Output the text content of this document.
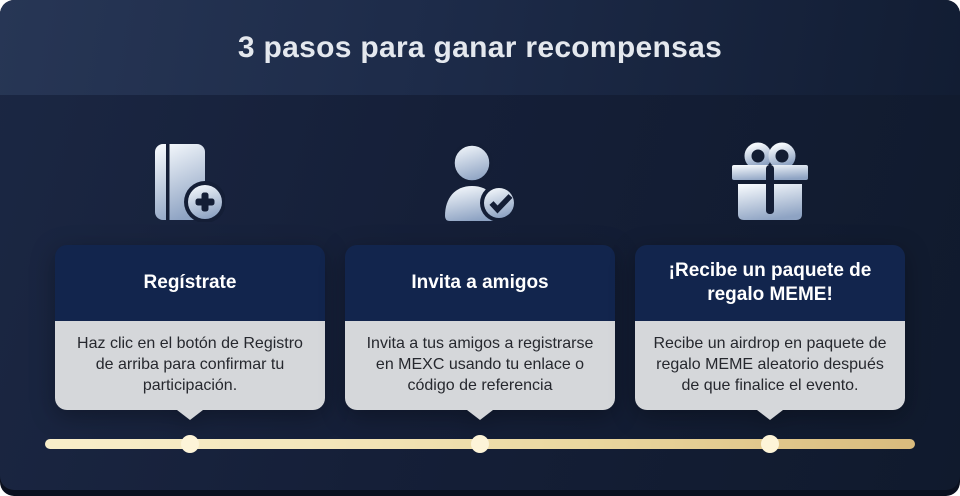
3 pasos para ganar recompensas
Regístrate
Haz clic en el botón de Registro de arriba para confirmar tu participación.
Invita a amigos
Invita a tus amigos a registrarse en MEXC usando tu enlace o código de referencia
¡Recibe un paquete de regalo MEME!
Recibe un airdrop en paquete de regalo MEME aleatorio después de que finalice el evento.
